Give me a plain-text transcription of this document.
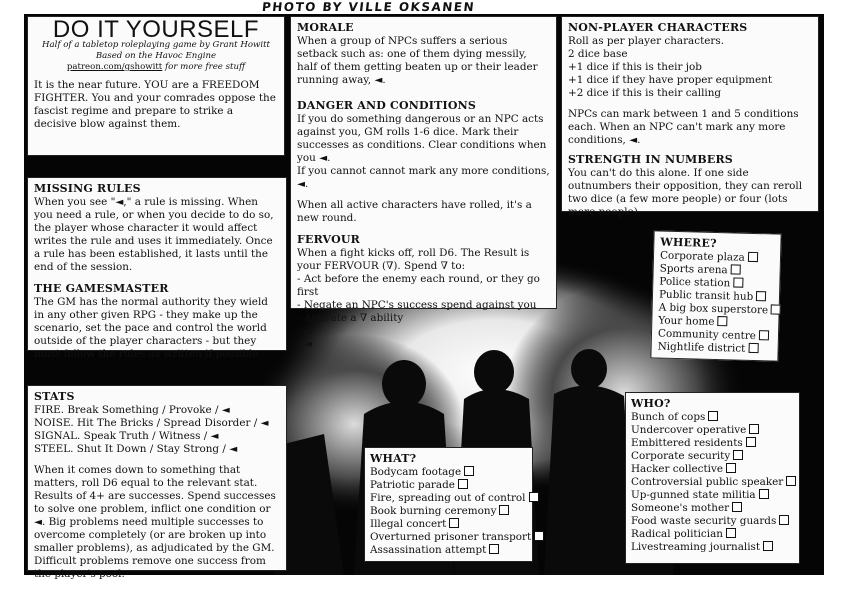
PHOTO BY VILLE OKSANEN
DO IT YOURSELF
Half of a tabletop roleplaying game by Grant Howitt
Based on the Havoc Engine
patreon.com/gshowitt for more free stuff

It is the near future. YOU are a FREEDOM FIGHTER. You and your comrades oppose the fascist regime and prepare to strike a decisive blow against them.

MISSING RULES

When you see "◄," a rule is missing. When you need a rule, or when you decide to do so, the player whose character it would affect writes the rule and uses it immediately. Once a rule has been established, it lasts until the end of the session.

THE GAMESMASTER

The GM has the normal authority they wield in any other given RPG - they make up the scenario, set the pace and control the world outside of the player characters - but they must follow the rules as written if possible.

STATS

FIRE. Break Something / Provoke / ◄

NOISE. Hit The Bricks / Spread Disorder / ◄

SIGNAL. Speak Truth / Witness / ◄

STEEL. Shut It Down / Stay Strong / ◄

When it comes down to something that matters, roll D6 equal to the relevant stat. Results of 4+ are successes. Spend successes to solve one problem, inflict one condition or ◄. Big problems need multiple successes to overcome completely (or are broken up into smaller problems), as adjudicated by the GM. Difficult problems remove one success from the player's pool.

MORALE

When a group of NPCs suffers a serious setback such as: one of them dying messily, half of them getting beaten up or their leader running away, ◄.

DANGER AND CONDITIONS

If you do something dangerous or an NPC acts against you, GM rolls 1-6 dice. Mark their successes as conditions. Clear conditions when you ◄.

If you cannot cannot mark any more conditions, ◄.

When all active characters have rolled, it's a new round.

FERVOUR

When a fight kicks off, roll D6. The Result is your FERVOUR (∇). Spend ∇ to:

- Act before the enemy each round, or they go first

- Negate an NPC's success spend against you

- Activate a ∇ ability

- ◄

- ◄

NON-PLAYER CHARACTERS

Roll as per player characters.

2 dice base

+1 dice if this is their job

+1 dice if they have proper equipment

+2 dice if this is their calling

NPCs can mark between 1 and 5 conditions each. When an NPC can't mark any more conditions, ◄.

STRENGTH IN NUMBERS

You can't do this alone. If one side outnumbers their opposition, they can reroll two dice (a few more people) or four (lots more people).

WHERE?
Corporate plaza
Sports arena
Police station
Public transit hub
A big box superstore
Your home
Community centre
Nightlife district
WHAT?
Bodycam footage
Patriotic parade
Fire, spreading out of control
Book burning ceremony
Illegal concert
Overturned prisoner transport
Assassination attempt
WHO?
Bunch of cops
Undercover operative
Embittered residents
Corporate security
Hacker collective
Controversial public speaker
Up-gunned state militia
Someone's mother
Food waste security guards
Radical politician
Livestreaming journalist
